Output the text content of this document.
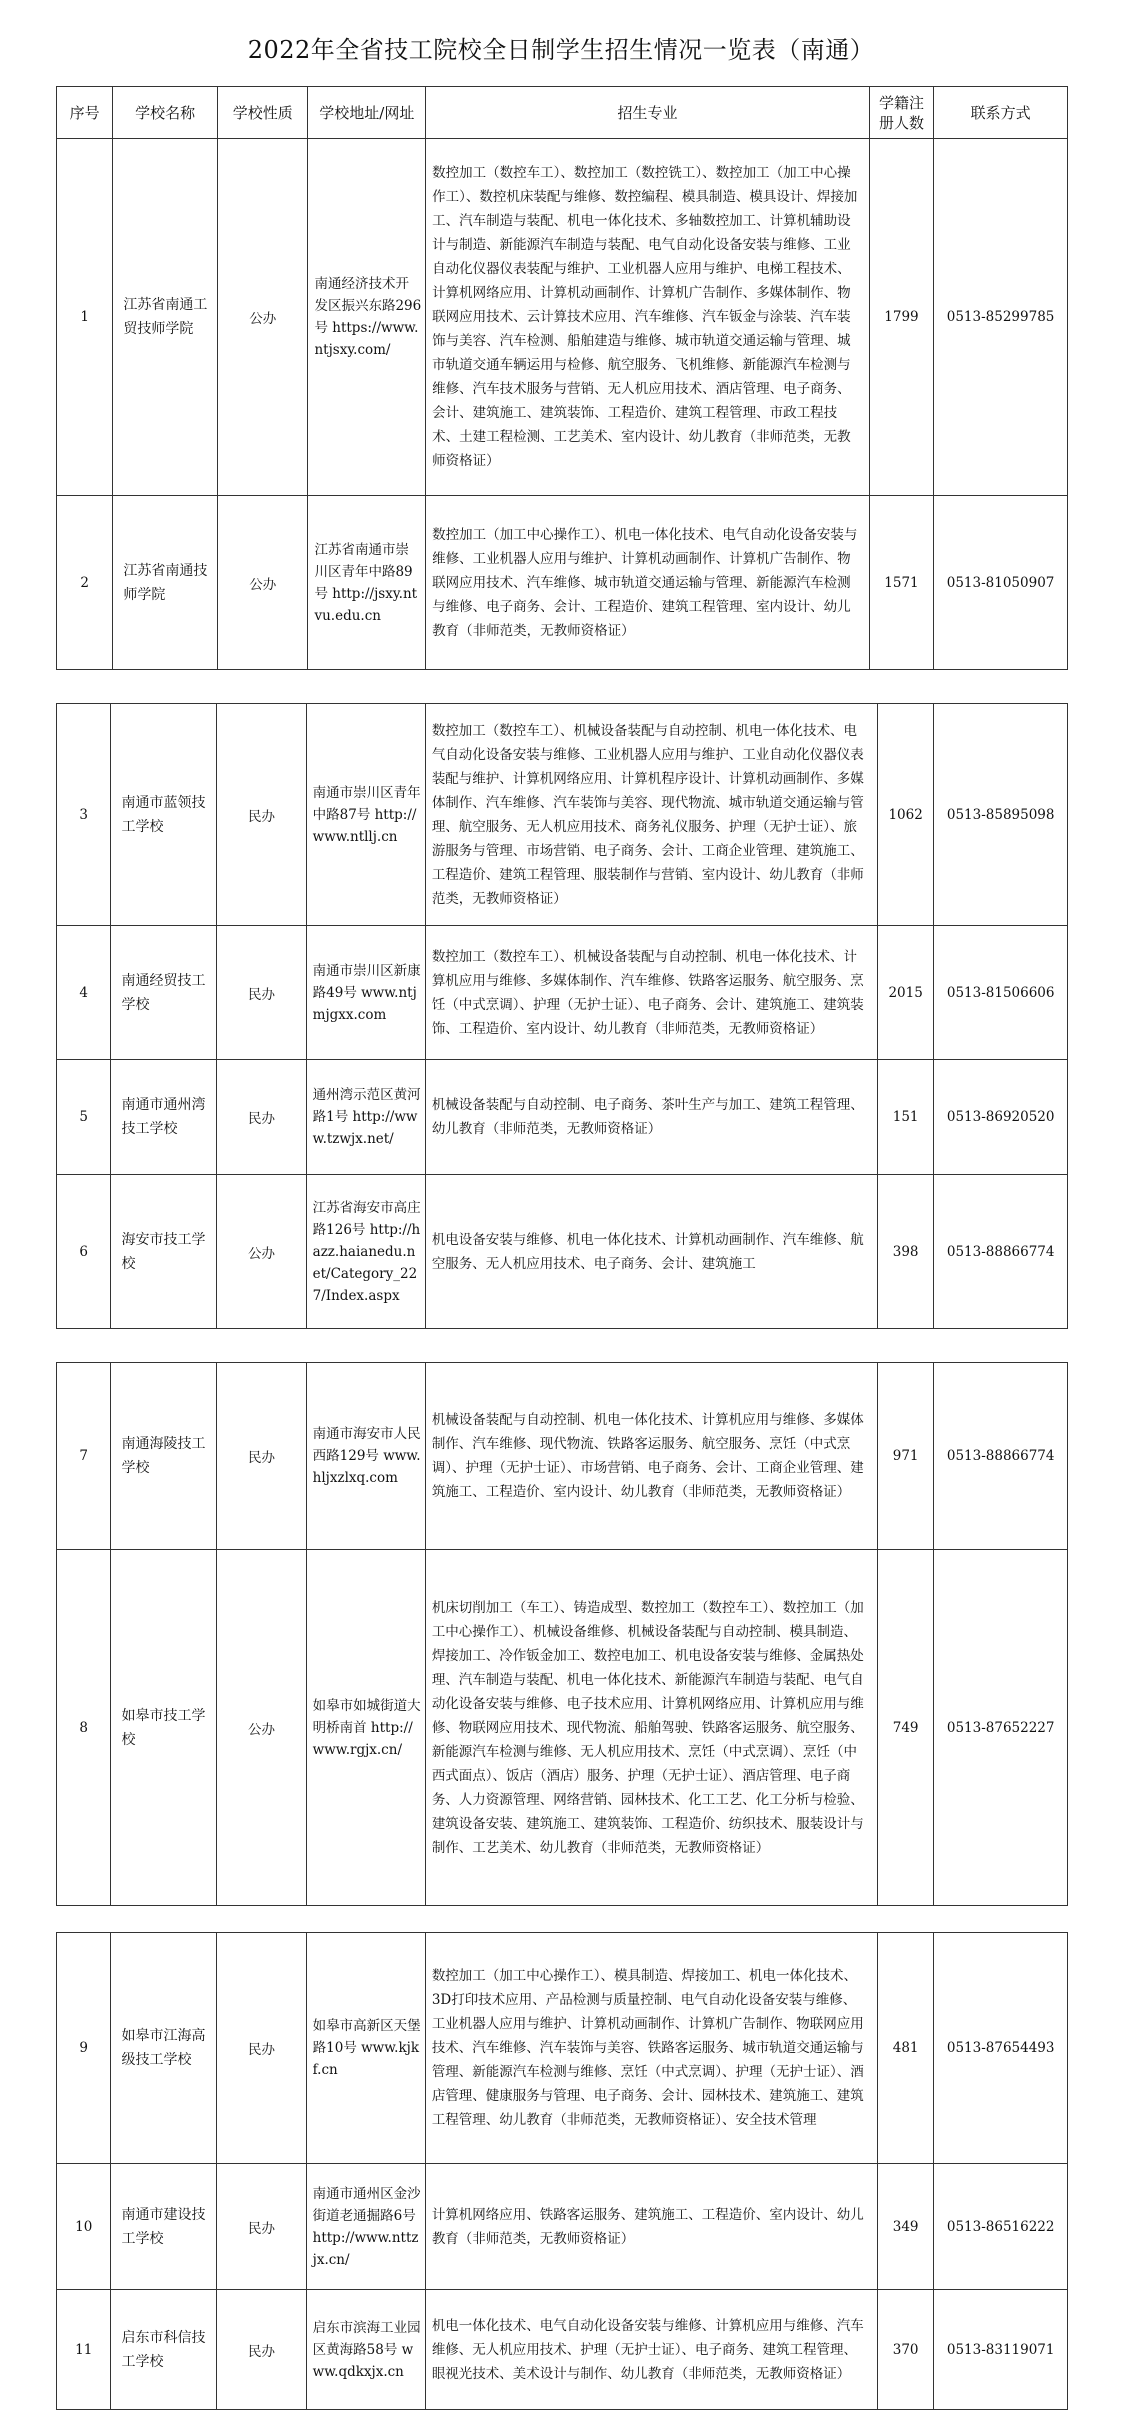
2022年全省技工院校全日制学生招生情况一览表（南通）
序号	学校名称	学校性质	学校地址/网址	招生专业	学籍注册人数	联系方式
1	江苏省南通工贸技师学院	公办	南通经济技术开发区振兴东路296号 https://www.ntjsxy.com/	数控加工（数控车工）、数控加工（数控铣工）、数控加工（加工中心操作工）、数控机床装配与维修、数控编程、模具制造、模具设计、焊接加工、汽车制造与装配、机电一体化技术、多轴数控加工、计算机辅助设计与制造、新能源汽车制造与装配、电气自动化设备安装与维修、工业自动化仪器仪表装配与维护、工业机器人应用与维护、电梯工程技术、计算机网络应用、计算机动画制作、计算机广告制作、多媒体制作、物联网应用技术、云计算技术应用、汽车维修、汽车钣金与涂装、汽车装饰与美容、汽车检测、船舶建造与维修、城市轨道交通运输与管理、城市轨道交通车辆运用与检修、航空服务、飞机维修、新能源汽车检测与维修、汽车技术服务与营销、无人机应用技术、酒店管理、电子商务、会计、建筑施工、建筑装饰、工程造价、建筑工程管理、市政工程技术、土建工程检测、工艺美术、室内设计、幼儿教育（非师范类，无教师资格证）	1799	0513-85299785
2	江苏省南通技师学院	公办	江苏省南通市崇川区青年中路89号 http://jsxy.ntvu.edu.cn	数控加工（加工中心操作工）、机电一体化技术、电气自动化设备安装与维修、工业机器人应用与维护、计算机动画制作、计算机广告制作、物联网应用技术、汽车维修、城市轨道交通运输与管理、新能源汽车检测与维修、电子商务、会计、工程造价、建筑工程管理、室内设计、幼儿教育（非师范类，无教师资格证）	1571	0513-81050907
3	南通市蓝领技工学校	民办	南通市崇川区青年中路87号 http://www.ntllj.cn	数控加工（数控车工）、机械设备装配与自动控制、机电一体化技术、电气自动化设备安装与维修、工业机器人应用与维护、工业自动化仪器仪表装配与维护、计算机网络应用、计算机程序设计、计算机动画制作、多媒体制作、汽车维修、汽车装饰与美容、现代物流、城市轨道交通运输与管理、航空服务、无人机应用技术、商务礼仪服务、护理（无护士证）、旅游服务与管理、市场营销、电子商务、会计、工商企业管理、建筑施工、工程造价、建筑工程管理、服装制作与营销、室内设计、幼儿教育（非师范类，无教师资格证）	1062	0513-85895098
4	南通经贸技工学校	民办	南通市崇川区新康路49号 www.ntjmjgxx.com	数控加工（数控车工）、机械设备装配与自动控制、机电一体化技术、计算机应用与维修、多媒体制作、汽车维修、铁路客运服务、航空服务、烹饪（中式烹调）、护理（无护士证）、电子商务、会计、建筑施工、建筑装饰、工程造价、室内设计、幼儿教育（非师范类，无教师资格证）	2015	0513-81506606
5	南通市通州湾技工学校	民办	通州湾示范区黄河路1号 http://www.tzwjx.net/	机械设备装配与自动控制、电子商务、茶叶生产与加工、建筑工程管理、幼儿教育（非师范类，无教师资格证）	151	0513-86920520
6	海安市技工学校	公办	江苏省海安市高庄路126号 http://hazz.haianedu.net/Category_227/Index.aspx	机电设备安装与维修、机电一体化技术、计算机动画制作、汽车维修、航空服务、无人机应用技术、电子商务、会计、建筑施工	398	0513-88866774
7	南通海陵技工学校	民办	南通市海安市人民西路129号 www.hljxzlxq.com	机械设备装配与自动控制、机电一体化技术、计算机应用与维修、多媒体制作、汽车维修、现代物流、铁路客运服务、航空服务、烹饪（中式烹调）、护理（无护士证）、市场营销、电子商务、会计、工商企业管理、建筑施工、工程造价、室内设计、幼儿教育（非师范类，无教师资格证）	971	0513-88866774
8	如皋市技工学校	公办	如皋市如城街道大明桥南首 http://www.rgjx.cn/	机床切削加工（车工）、铸造成型、数控加工（数控车工）、数控加工（加工中心操作工）、机械设备维修、机械设备装配与自动控制、模具制造、焊接加工、冷作钣金加工、数控电加工、机电设备安装与维修、金属热处理、汽车制造与装配、机电一体化技术、新能源汽车制造与装配、电气自动化设备安装与维修、电子技术应用、计算机网络应用、计算机应用与维修、物联网应用技术、现代物流、船舶驾驶、铁路客运服务、航空服务、新能源汽车检测与维修、无人机应用技术、烹饪（中式烹调）、烹饪（中西式面点）、饭店（酒店）服务、护理（无护士证）、酒店管理、电子商务、人力资源管理、网络营销、园林技术、化工工艺、化工分析与检验、建筑设备安装、建筑施工、建筑装饰、工程造价、纺织技术、服装设计与制作、工艺美术、幼儿教育（非师范类，无教师资格证）	749	0513-87652227
9	如皋市江海高级技工学校	民办	如皋市高新区天堡路10号 www.kjkf.cn	数控加工（加工中心操作工）、模具制造、焊接加工、机电一体化技术、3D打印技术应用、产品检测与质量控制、电气自动化设备安装与维修、工业机器人应用与维护、计算机动画制作、计算机广告制作、物联网应用技术、汽车维修、汽车装饰与美容、铁路客运服务、城市轨道交通运输与管理、新能源汽车检测与维修、烹饪（中式烹调）、护理（无护士证）、酒店管理、健康服务与管理、电子商务、会计、园林技术、建筑施工、建筑工程管理、幼儿教育（非师范类，无教师资格证）、安全技术管理	481	0513-87654493
10	南通市建设技工学校	民办	南通市通州区金沙街道老通掘路6号 http://www.nttzjx.cn/	计算机网络应用、铁路客运服务、建筑施工、工程造价、室内设计、幼儿教育（非师范类，无教师资格证）	349	0513-86516222
11	启东市科信技工学校	民办	启东市滨海工业园区黄海路58号 www.qdkxjx.cn	机电一体化技术、电气自动化设备安装与维修、计算机应用与维修、汽车维修、无人机应用技术、护理（无护士证）、电子商务、建筑工程管理、眼视光技术、美术设计与制作、幼儿教育（非师范类，无教师资格证）	370	0513-83119071
